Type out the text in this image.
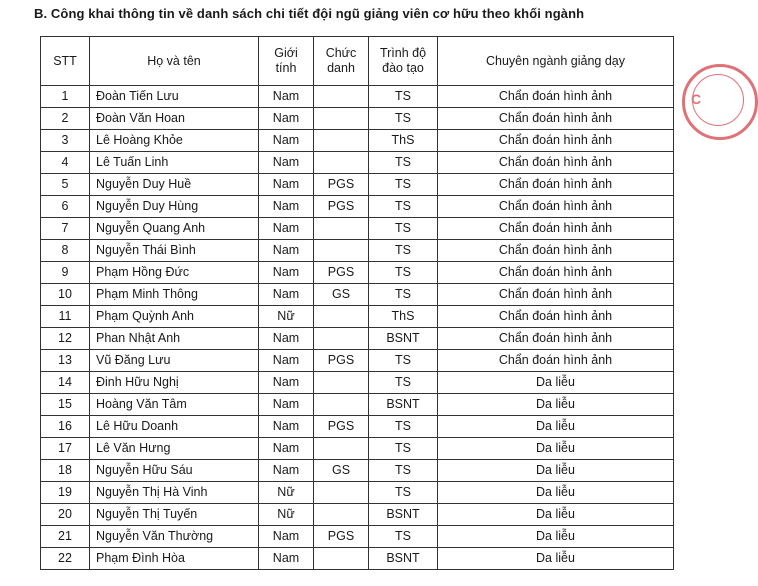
B. Công khai thông tin về danh sách chi tiết đội ngũ giảng viên cơ hữu theo khối ngành
STT	Họ và tên	Giới tính	Chức danh	Trình độ đào tạo	Chuyên ngành giảng dạy
1	Đoàn Tiến Lưu	Nam		TS	Chẩn đoán hình ảnh
2	Đoàn Văn Hoan	Nam		TS	Chẩn đoán hình ảnh
3	Lê Hoàng Khỏe	Nam		ThS	Chẩn đoán hình ảnh
4	Lê Tuấn Linh	Nam		TS	Chẩn đoán hình ảnh
5	Nguyễn Duy Huề	Nam	PGS	TS	Chẩn đoán hình ảnh
6	Nguyễn Duy Hùng	Nam	PGS	TS	Chẩn đoán hình ảnh
7	Nguyễn Quang Anh	Nam		TS	Chẩn đoán hình ảnh
8	Nguyễn Thái Bình	Nam		TS	Chẩn đoán hình ảnh
9	Phạm Hồng Đức	Nam	PGS	TS	Chẩn đoán hình ảnh
10	Phạm Minh Thông	Nam	GS	TS	Chẩn đoán hình ảnh
11	Phạm Quỳnh Anh	Nữ		ThS	Chẩn đoán hình ảnh
12	Phan Nhật Anh	Nam		BSNT	Chẩn đoán hình ảnh
13	Vũ Đăng Lưu	Nam	PGS	TS	Chẩn đoán hình ảnh
14	Đinh Hữu Nghị	Nam		TS	Da liễu
15	Hoàng Văn Tâm	Nam		BSNT	Da liễu
16	Lê Hữu Doanh	Nam	PGS	TS	Da liễu
17	Lê Văn Hưng	Nam		TS	Da liễu
18	Nguyễn Hữu Sáu	Nam	GS	TS	Da liễu
19	Nguyễn Thị Hà Vinh	Nữ		TS	Da liễu
20	Nguyễn Thị Tuyến	Nữ		BSNT	Da liễu
21	Nguyễn Văn Thường	Nam	PGS	TS	Da liễu
22	Phạm Đình Hòa	Nam		BSNT	Da liễu
C
